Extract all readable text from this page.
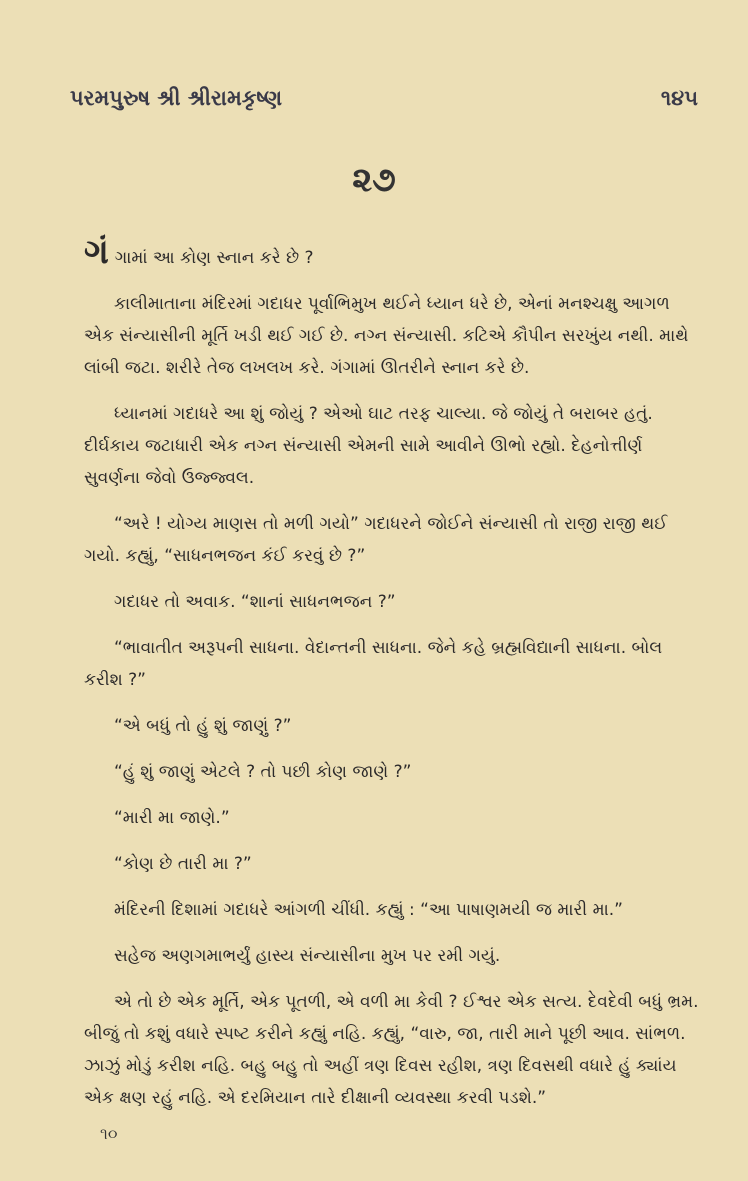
પરમપુરુષ શ્રી શ્રીરામકૃષ્ણ	૧૪૫
૨૭

ગંગામાં આ કોણ સ્નાન કરે છે ?

કાલીમાતાના મંદિરમાં ગદાધર પૂર્વાભિમુખ થઈને ધ્યાન ધરે છે, એનાં મનશ્ચક્ષુ આગળ એક સંન્યાસીની મૂર્તિ ખડી થઈ ગઈ છે. નગ્ન સંન્યાસી. કટિએ કૌપીન સરખુંય નથી. માથે લાંબી જટા. શરીરે તેજ લખલખ કરે. ગંગામાં ઊતરીને સ્નાન કરે છે.

ધ્યાનમાં ગદાધરે આ શું જોયું ? એઓ ઘાટ તરફ ચાલ્યા. જે જોયું તે બરાબર હતું. દીર્ઘકાય જટાધારી એક નગ્ન સંન્યાસી એમની સામે આવીને ઊભો રહ્યો. દેહનોત્તીર્ણ સુવર્ણના જેવો ઉજ્જ્વલ.

“અરે ! યોગ્ય માણસ તો મળી ગયો” ગદાધરને જોઈને સંન્યાસી તો રાજી રાજી થઈ ગયો. કહ્યું, “સાધનભજન કંઈ કરવું છે ?”

ગદાધર તો અવાક. “શાનાં સાધનભજન ?”

“ભાવાતીત અરૂપની સાધના. વેદાન્તની સાધના. જેને કહે બ્રહ્મવિદ્યાની સાધના. બોલ કરીશ ?”

“એ બધું તો હું શું જાણું ?”

“હું શું જાણું એટલે ? તો પછી કોણ જાણે ?”

“મારી મા જાણે.”

“કોણ છે તારી મા ?”

મંદિરની દિશામાં ગદાધરે આંગળી ચીંધી. કહ્યું : “આ પાષાણમયી જ મારી મા.”

સહેજ અણગમાભર્યું હાસ્ય સંન્યાસીના મુખ પર રમી ગયું.

એ તો છે એક મૂર્તિ, એક પૂતળી, એ વળી મા કેવી ? ઈશ્વર એક સત્ય. દેવદેવી બધું ભ્રમ. બીજું તો કશું વધારે સ્પષ્ટ કરીને કહ્યું નહિ. કહ્યું, “વારુ, જા, તારી માને પૂછી આવ. સાંભળ. ઝાઝું મોડું કરીશ નહિ. બહુ બહુ તો અહીં ત્રણ દિવસ રહીશ, ત્રણ દિવસથી વધારે હું ક્યાંય એક ક્ષણ રહું નહિ. એ દરમિયાન તારે દીક્ષાની વ્યવસ્થા કરવી પડશે.”

૧૦
